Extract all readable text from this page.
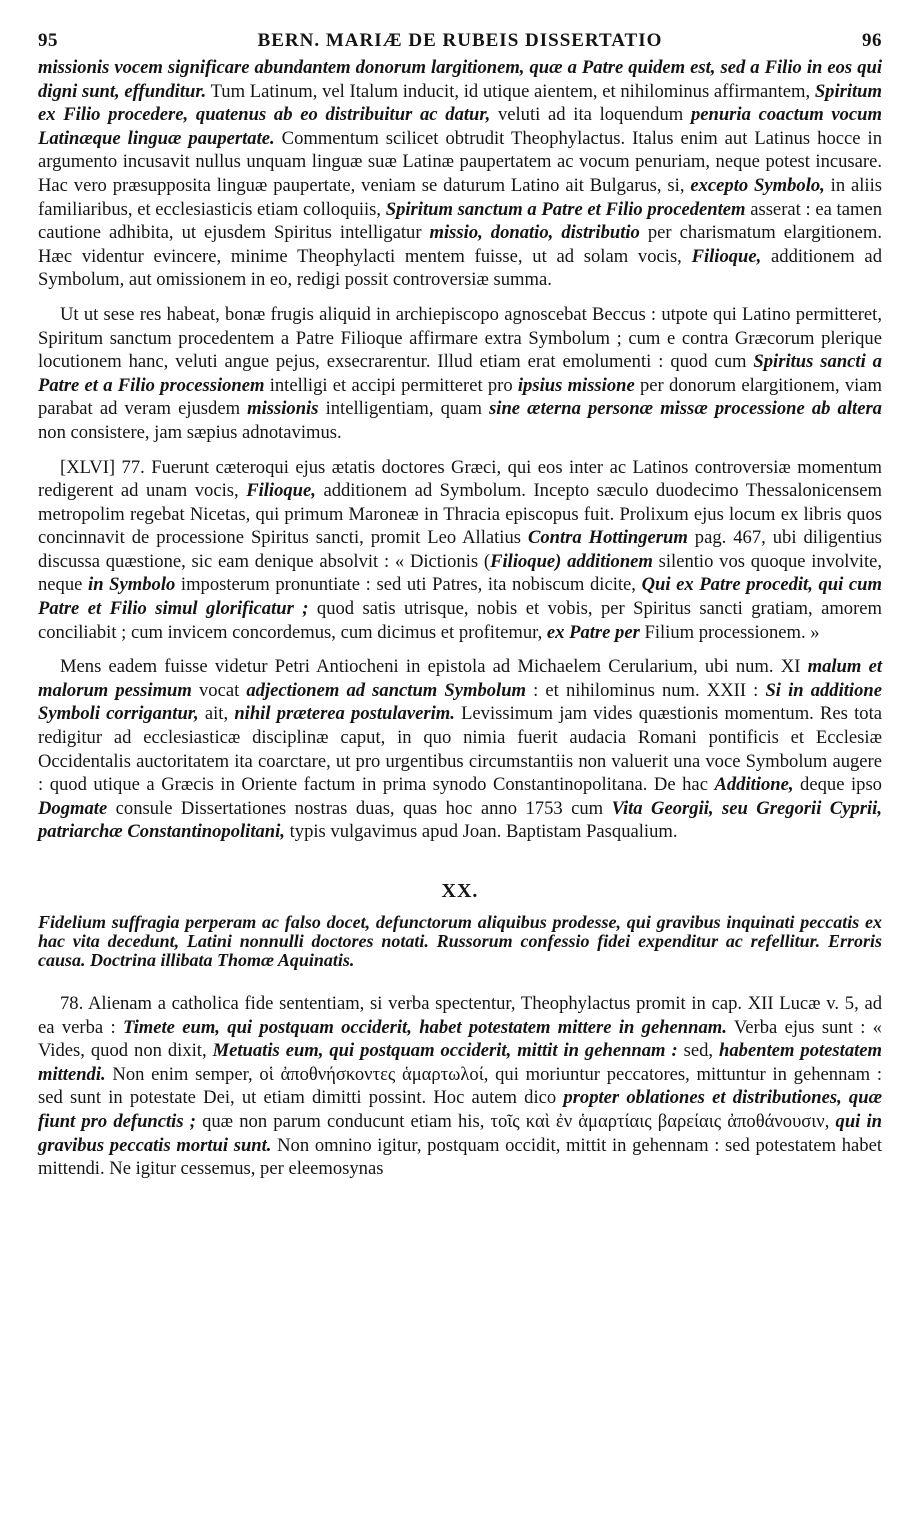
95	BERN. MARIÆ DE RUBEIS DISSERTATIO	96

missionis vocem significare abundantem donorum largitionem, quæ a Patre quidem est, sed a Filio in eos qui digni sunt, effunditur. Tum Latinum, vel Italum inducit, id utique aientem, et nihilominus affirmantem, Spiritum ex Filio procedere, quatenus ab eo distribuitur ac datur, veluti ad ita loquendum penuria coactum vocum Latinæque linguæ paupertate. Commentum scilicet obtrudit Theophylactus. Italus enim aut Latinus hocce in argumento incusavit nullus unquam linguæ suæ Latinæ paupertatem ac vocum penuriam, neque potest incusare. Hac vero præsupposita linguæ paupertate, veniam se daturum Latino ait Bulgarus, si, excepto Symbolo, in aliis familiaribus, et ecclesiasticis etiam colloquiis, Spiritum sanctum a Patre et Filio procedentem asserat : ea tamen cautione adhibita, ut ejusdem Spiritus intelligatur missio, donatio, distributio per charismatum elargitionem. Hæc videntur evincere, minime Theophylacti mentem fuisse, ut ad solam vocis, Filioque, additionem ad Symbolum, aut omissionem in eo, redigi possit controversiæ summa.

Ut ut sese res habeat, bonæ frugis aliquid in archiepiscopo agnoscebat Beccus : utpote qui Latino permitteret, Spiritum sanctum procedentem a Patre Filioque affirmare extra Symbolum ; cum e contra Græcorum plerique locutionem hanc, veluti angue pejus, exsecrarentur. Illud etiam erat emolumenti : quod cum Spiritus sancti a Patre et a Filio processionem intelligi et accipi permitteret pro ipsius missione per donorum elargitionem, viam parabat ad veram ejusdem missionis intelligentiam, quam sine æterna personæ missæ processione ab altera non consistere, jam sæpius adnotavimus.

[XLVI] 77. Fuerunt cæteroqui ejus ætatis doctores Græci, qui eos inter ac Latinos controversiæ momentum redigerent ad unam vocis, Filioque, additionem ad Symbolum. Incepto sæculo duodecimo Thessalonicensem metropolim regebat Nicetas, qui primum Maroneæ in Thracia episcopus fuit. Prolixum ejus locum ex libris quos concinnavit de processione Spiritus sancti, promit Leo Allatius Contra Hottingerum pag. 467, ubi diligentius discussa quæstione, sic eam denique absolvit : « Dictionis (Filioque) additionem silentio vos quoque involvite, neque in Symbolo imposterum pronuntiate : sed uti Patres, ita nobiscum dicite, Qui ex Patre procedit, qui cum Patre et Filio simul glorificatur ; quod satis utrisque, nobis et vobis, per Spiritus sancti gratiam, amorem conciliabit ; cum invicem concordemus, cum dicimus et profitemur, ex Patre per Filium processionem. »

Mens eadem fuisse videtur Petri Antiocheni in epistola ad Michaelem Cerularium, ubi num. XI malum et malorum pessimum vocat adjectionem ad sanctum Symbolum : et nihilominus num. XXII : Si in additione Symboli corrigantur, ait, nihil præterea postulaverim. Levissimum jam vides quæstionis momentum. Res tota redigitur ad ecclesiasticæ disciplinæ caput, in quo nimia fuerit audacia Romani pontificis et Ecclesiæ Occidentalis auctoritatem ita coarctare, ut pro urgentibus circumstantiis non valuerit una voce Symbolum augere : quod utique a Græcis in Oriente factum in prima synodo Constantinopolitana. De hac Additione, deque ipso Dogmate consule Dissertationes nostras duas, quas hoc anno 1753 cum Vita Georgii, seu Gregorii Cyprii, patriarchæ Constantinopolitani, typis vulgavimus apud Joan. Baptistam Pasqualium.

XX.
Fidelium suffragia perperam ac falso docet, defunctorum aliquibus prodesse, qui gravibus inquinati peccatis ex hac vita decedunt, Latini nonnulli doctores notati. Russorum confessio fidei expenditur ac refellitur. Erroris causa. Doctrina illibata Thomæ Aquinatis.

78. Alienam a catholica fide sententiam, si verba spectentur, Theophylactus promit in cap. XII Lucæ v. 5, ad ea verba : Timete eum, qui postquam occiderit, habet potestatem mittere in gehennam. Verba ejus sunt : « Vides, quod non dixit, Metuatis eum, qui postquam occiderit, mittit in gehennam : sed, habentem potestatem mittendi. Non enim semper, οἱ ἀποθνήσκοντες ἁμαρτωλοί, qui moriuntur peccatores, mittuntur in gehennam : sed sunt in potestate Dei, ut etiam dimitti possint. Hoc autem dico propter oblationes et distributiones, quæ fiunt pro defunctis ; quæ non parum conducunt etiam his, τοῖς καὶ ἐν ἁμαρτίαις βαρείαις ἀποθάνουσιν, qui in gravibus peccatis mortui sunt. Non omnino igitur, postquam occidit, mittit in gehennam : sed potestatem habet mittendi. Ne igitur cessemus, per eleemosynas
